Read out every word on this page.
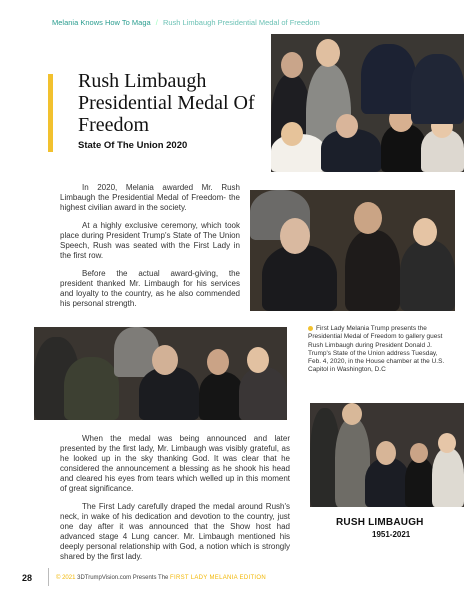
Melania Knows How To Maga / Rush Limbaugh Presidential Medal of Freedom
Rush Limbaugh Presidential Medal Of Freedom
State Of The Union 2020

In 2020, Melania awarded Mr. Rush Limbaugh the Presidential Medal of Freedom- the highest civilian award in the society.

At a highly exclusive ceremony, which took place during President Trump's State of The Union Speech, Rush was seated with the First Lady in the first row.

Before the actual award-giving, the president thanked Mr. Limbaugh for his services and loyalty to the country, as he also commended his personal strength.

First Lady Melania Trump presents the Presidential Medal of Freedom to gallery guest Rush Limbaugh during President Donald J. Trump's State of the Union address Tuesday, Feb. 4, 2020, in the House chamber at the U.S. Capitol in Washington, D.C

When the medal was being announced and later presented by the first lady, Mr. Limbaugh was visibly grateful, as he looked up in the sky thanking God. It was clear that he considered the announcement a blessing as he shook his head and cleared his eyes from tears which welled up in this moment of great significance.

The First Lady carefully draped the medal around Rush's neck, in wake of his dedication and devotion to the country, just one day after it was announced that the Show host had advanced stage 4 Lung cancer. Mr. Limbaugh mentioned his deeply personal relationship with God, a notion which is strongly shared by the first lady.

RUSH LIMBAUGH
1951-2021
28	© 2021 3DTrumpVision.com Presents The FIRST LADY MELANIA EDITION
